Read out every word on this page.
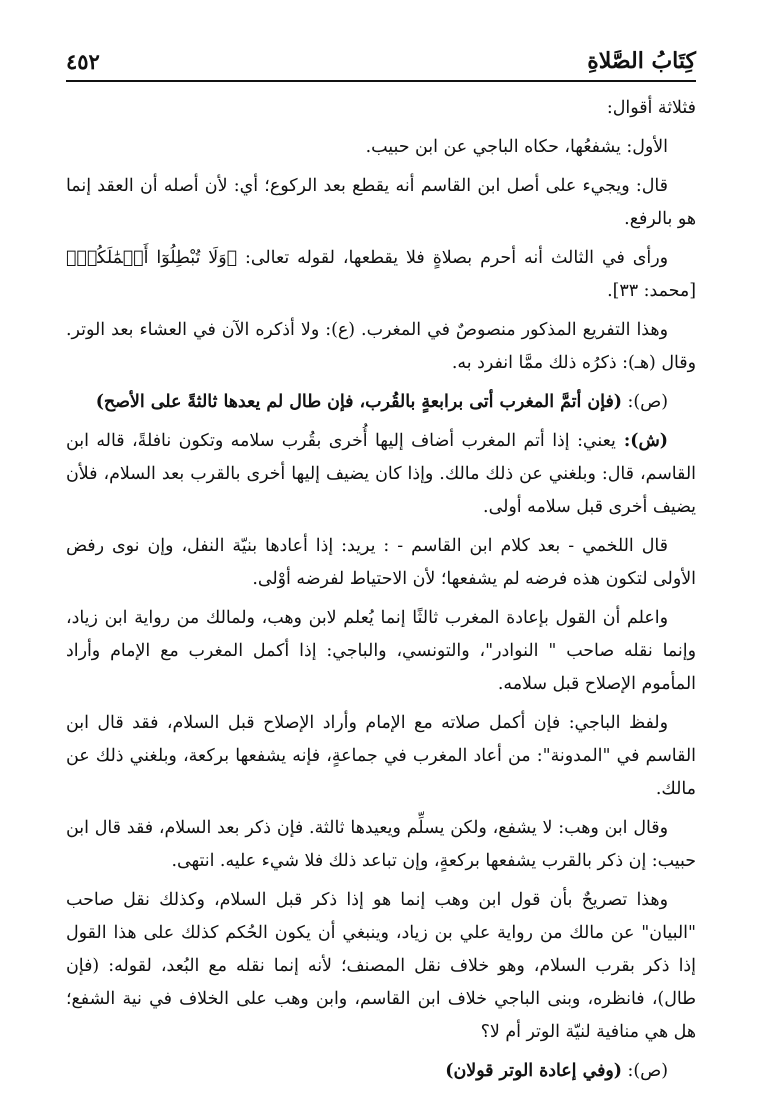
كِتَابُ الصَّلاةِ
٤٥٢

فثلاثة أقوال:

الأول: يشفعُها، حكاه الباجي عن ابن حبيب.

قال: ويجيء على أصل ابن القاسم أنه يقطع بعد الركوع؛ أي: لأن أصله أن العقد إنما هو بالرفع.

ورأى في الثالث أنه أحرم بصلاةٍ فلا يقطعها، لقوله تعالى: ﴿وَلَا تُبْطِلُوٓا أَعۡمَٰلَكُمۡ﴾ [محمد: ٣٣].

وهذا التفريع المذكور منصوصٌ في المغرب. (ع): ولا أذكره الآن في العشاء بعد الوتر. وقال (هـ): ذكرُه ذلك ممَّا انفرد به.

(ص): (فإن أتمَّ المغرب أتى برابعةٍ بالقُرب، فإن طال لم يعدها ثالثةً على الأصح)

(ش): يعني: إذا أتم المغرب أضاف إليها أُخرى بقُرب سلامه وتكون نافلةً، قاله ابن القاسم، قال: وبلغني عن ذلك مالك. وإذا كان يضيف إليها أخرى بالقرب بعد السلام، فلأن يضيف أخرى قبل سلامه أولى.

قال اللخمي - بعد كلام ابن القاسم - : يريد: إذا أعادها بنيّة النفل، وإن نوى رفض الأولى لتكون هذه فرضه لم يشفعها؛ لأن الاحتياط لفرضه أوْلى.

واعلم أن القول بإعادة المغرب ثالثًا إنما يُعلم لابن وهب، ولمالك من رواية ابن زياد، وإنما نقله صاحب " النوادر"، والتونسي، والباجي: إذا أكمل المغرب مع الإمام وأراد المأموم الإصلاح قبل سلامه.

ولفظ الباجي: فإن أكمل صلاته مع الإمام وأراد الإصلاح قبل السلام، فقد قال ابن القاسم في "المدونة": من أعاد المغرب في جماعةٍ، فإنه يشفعها بركعة، وبلغني ذلك عن مالك.

وقال ابن وهب: لا يشفع، ولكن يسلِّم ويعيدها ثالثة. فإن ذكر بعد السلام، فقد قال ابن حبيب: إن ذكر بالقرب يشفعها بركعةٍ، وإن تباعد ذلك فلا شيء عليه. انتهى.

وهذا تصريحٌ بأن قول ابن وهب إنما هو إذا ذكر قبل السلام، وكذلك نقل صاحب "البيان" عن مالك من رواية علي بن زياد، وينبغي أن يكون الحُكم كذلك على هذا القول إذا ذكر بقرب السلام، وهو خلاف نقل المصنف؛ لأنه إنما نقله مع البُعد، لقوله: (فإن طال)، فانظره، وبنى الباجي خلاف ابن القاسم، وابن وهب على الخلاف في نية الشفع؛ هل هي منافية لنيّة الوتر أم لا؟

(ص): (وفي إعادة الوتر قولان)
